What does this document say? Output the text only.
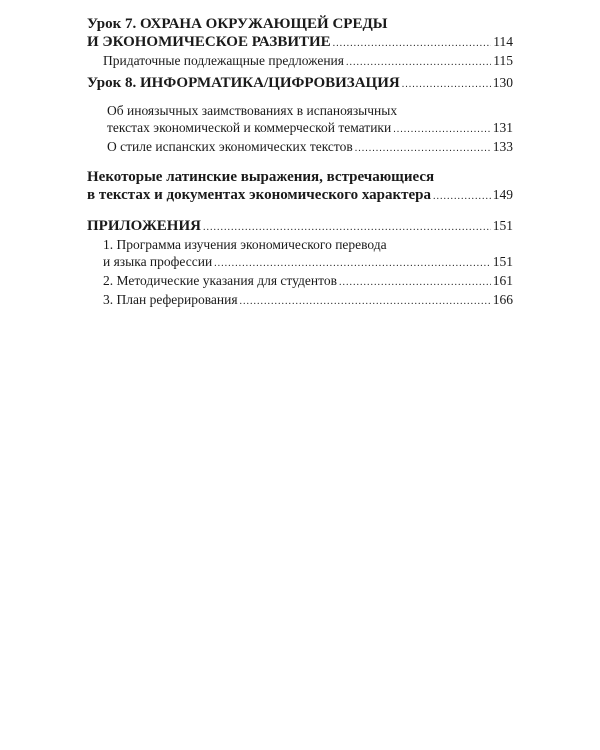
Урок 7. ОХРАНА ОКРУЖАЮЩЕЙ СРЕДЫ
И ЭКОНОМИЧЕСКОЕ РАЗВИТИЕ .....	114
Придаточные подлежащные предложения .....	115
Урок 8. ИНФОРМАТИКА/ЦИФРОВИЗАЦИЯ .....	130
Об иноязычных заимствованиях в испаноязычных
текстах экономической и коммерческой тематики .....	131
О стиле испанских экономических текстов .....	133
Некоторые латинские выражения, встречающиеся
в текстах и документах экономического характера .....	149
ПРИЛОЖЕНИЯ .....	151
1. Программа изучения экономического перевода
и языка профессии .....	151
2. Методические указания для студентов .....	161
3. План реферирования .....	166
